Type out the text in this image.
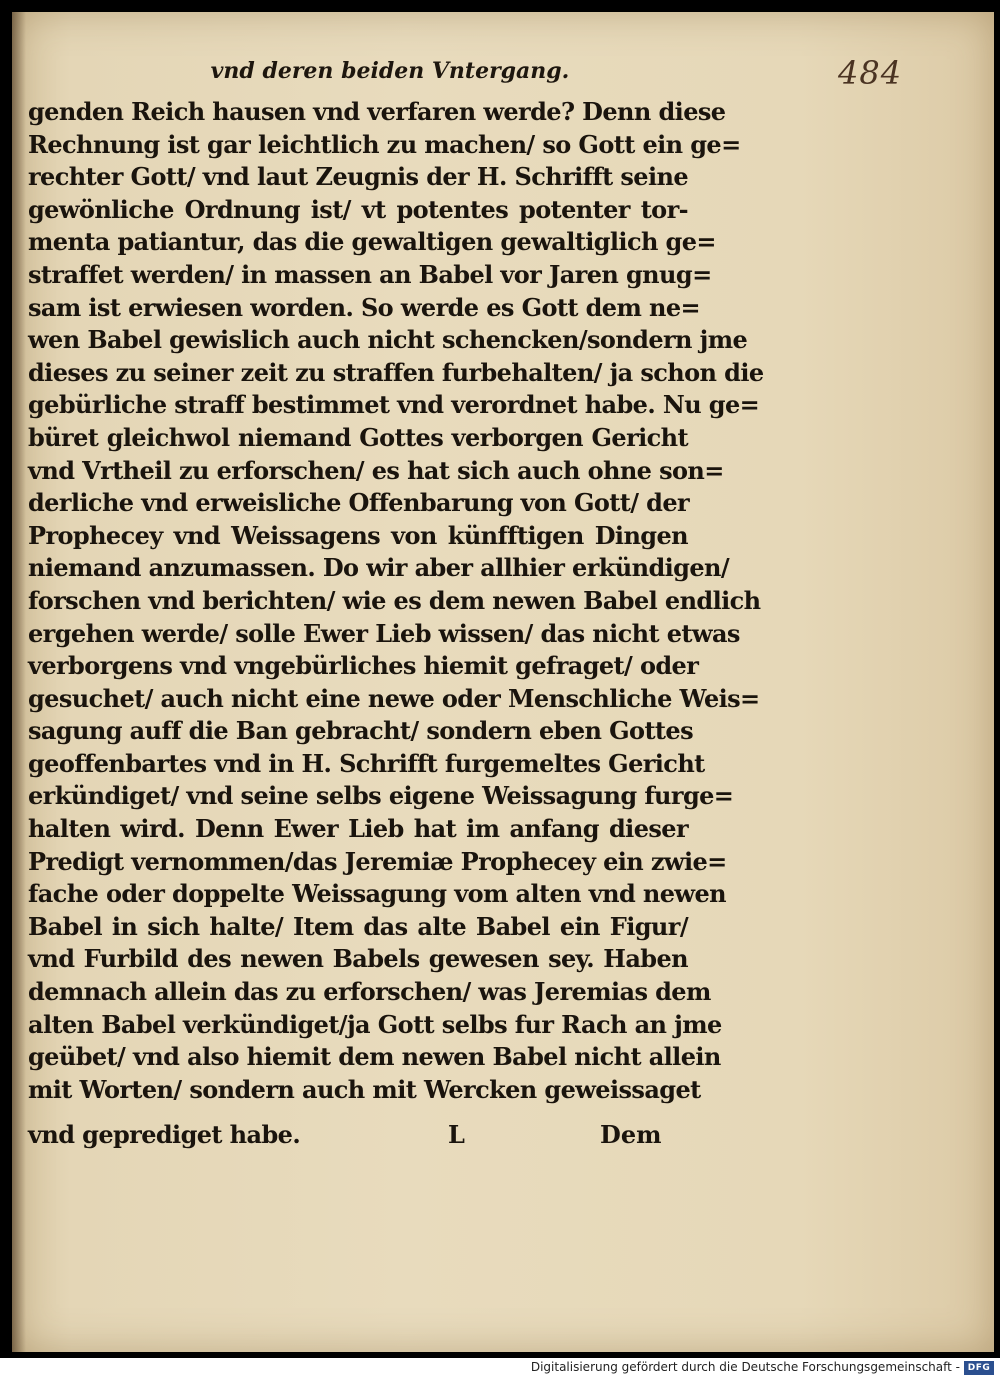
vnd deren beiden Vntergang.	484
genden Reich hausen vnd verfaren werde? Denn diese
Rechnung ist gar leichtlich zu machen/ so Gott ein ge=
rechter Gott/ vnd laut Zeugnis der H. Schrifft seine
gewönliche Ordnung ist/ vt potentes potenter tor-
menta patiantur, das die gewaltigen gewaltiglich ge=
straffet werden/ in massen an Babel vor Jaren gnug=
sam ist erwiesen worden. So werde es Gott dem ne=
wen Babel gewislich auch nicht schencken/sondern jme
dieses zu seiner zeit zu straffen furbehalten/ ja schon die
gebürliche straff bestimmet vnd verordnet habe. Nu ge=
büret gleichwol niemand Gottes verborgen Gericht
vnd Vrtheil zu erforschen/ es hat sich auch ohne son=
derliche vnd erweisliche Offenbarung von Gott/ der
Prophecey vnd Weissagens von künfftigen Dingen
niemand anzumassen. Do wir aber allhier erkündigen/
forschen vnd berichten/ wie es dem newen Babel endlich
ergehen werde/ solle Ewer Lieb wissen/ das nicht etwas
verborgens vnd vngebürliches hiemit gefraget/ oder
gesuchet/ auch nicht eine newe oder Menschliche Weis=
sagung auff die Ban gebracht/ sondern eben Gottes
geoffenbartes vnd in H. Schrifft furgemeltes Gericht
erkündiget/ vnd seine selbs eigene Weissagung furge=
halten wird. Denn Ewer Lieb hat im anfang dieser
Predigt vernommen/das Jeremiæ Prophecey ein zwie=
fache oder doppelte Weissagung vom alten vnd newen
Babel in sich halte/ Item das alte Babel ein Figur/
vnd Furbild des newen Babels gewesen sey. Haben
demnach allein das zu erforschen/ was Jeremias dem
alten Babel verkündiget/ja Gott selbs fur Rach an jme
geübet/ vnd also hiemit dem newen Babel nicht allein
mit Worten/ sondern auch mit Wercken geweissaget
vnd geprediget habe.	L	Dem
Digitalisierung gefördert durch die Deutsche Forschungsgemeinschaft - DFG
